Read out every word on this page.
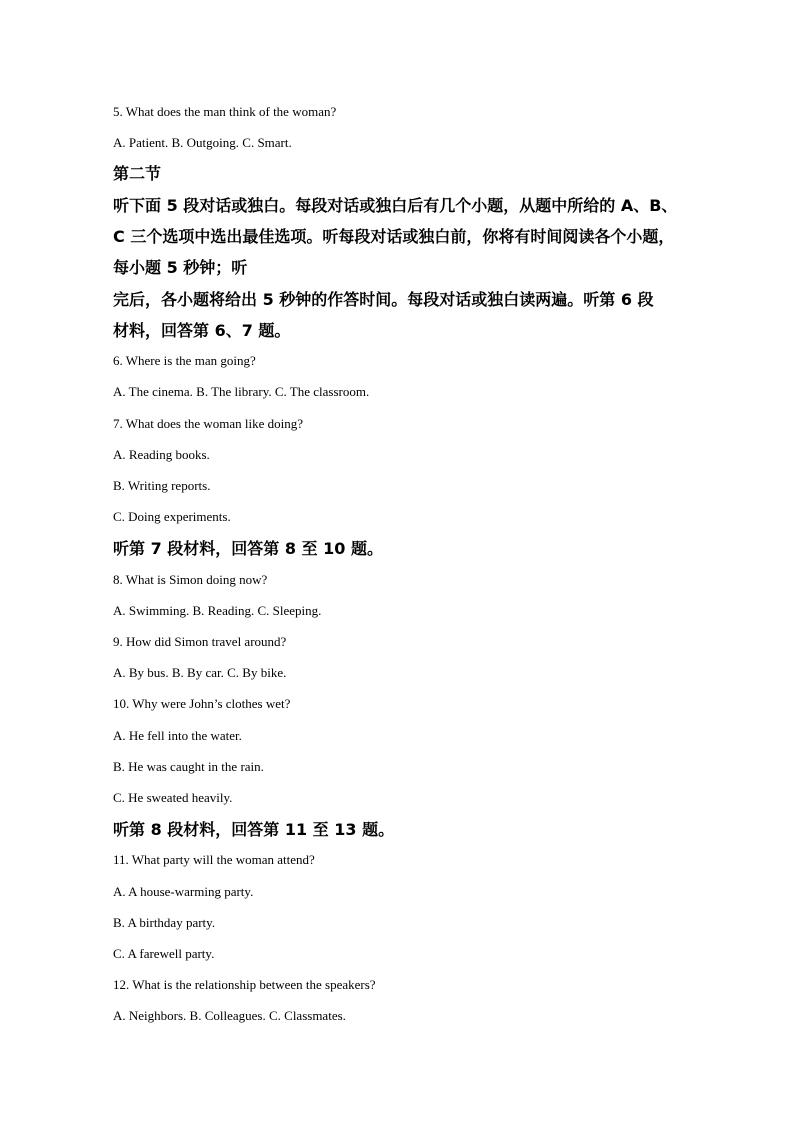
5. What does the man think of the woman?
A. Patient. B. Outgoing. C. Smart.
第二节
听下面 5 段对话或独白。每段对话或独白后有几个小题，从题中所给的 A、B、
C 三个选项中选出最佳选项。听每段对话或独白前，你将有时间阅读各个小题，
每小题 5 秒钟；听
完后，各小题将给出 5 秒钟的作答时间。每段对话或独白读两遍。听第 6 段
材料，回答第 6、7 题。
6. Where is the man going?
A. The cinema. B. The library. C. The classroom.
7. What does the woman like doing?
A. Reading books.
B. Writing reports.
C. Doing experiments.
听第 7 段材料，回答第 8 至 10 题。
8. What is Simon doing now?
A. Swimming. B. Reading. C. Sleeping.
9. How did Simon travel around?
A. By bus. B. By car. C. By bike.
10. Why were John’s clothes wet?
A. He fell into the water.
B. He was caught in the rain.
C. He sweated heavily.
听第 8 段材料，回答第 11 至 13 题。
11. What party will the woman attend?
A. A house-warming party.
B. A birthday party.
C. A farewell party.
12. What is the relationship between the speakers?
A. Neighbors. B. Colleagues. C. Classmates.
